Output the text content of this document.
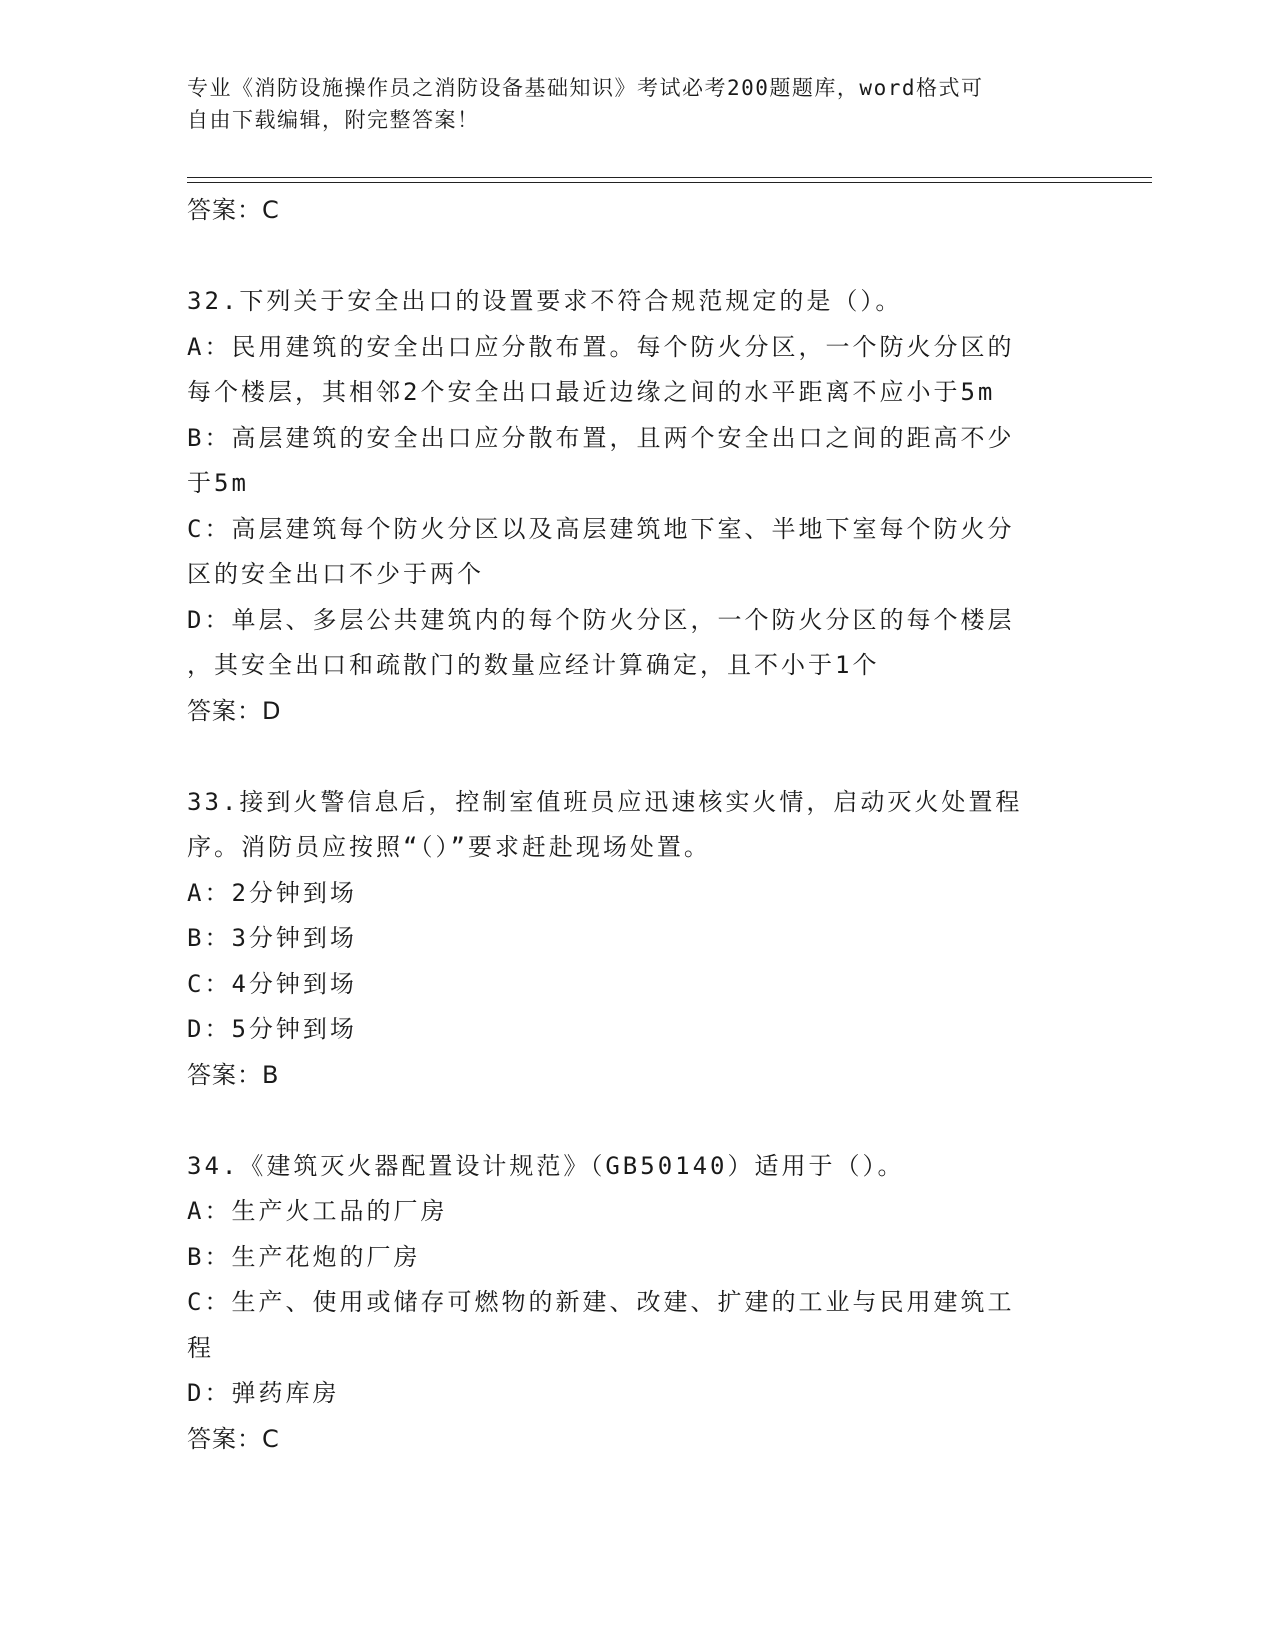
专业《消防设施操作员之消防设备基础知识》考试必考200题题库，word格式可
自由下载编辑，附完整答案！
答案：C
32.下列关于安全出口的设置要求不符合规范规定的是（）。
A：民用建筑的安全出口应分散布置。每个防火分区，一个防火分区的
每个楼层，其相邻2个安全出口最近边缘之间的水平距离不应小于5m
B：高层建筑的安全出口应分散布置，且两个安全出口之间的距高不少
于5m
C：高层建筑每个防火分区以及高层建筑地下室、半地下室每个防火分
区的安全出口不少于两个
D：单层、多层公共建筑内的每个防火分区，一个防火分区的每个楼层
，其安全出口和疏散门的数量应经计算确定，且不小于1个
答案：D
33.接到火警信息后，控制室值班员应迅速核实火情，启动灭火处置程
序。消防员应按照“（）”要求赶赴现场处置。
A：2分钟到场
B：3分钟到场
C：4分钟到场
D：5分钟到场
答案：B
34.《建筑灭火器配置设计规范》（GB50140）适用于（）。
A：生产火工品的厂房
B：生产花炮的厂房
C：生产、使用或储存可燃物的新建、改建、扩建的工业与民用建筑工
程
D：弹药库房
答案：C
